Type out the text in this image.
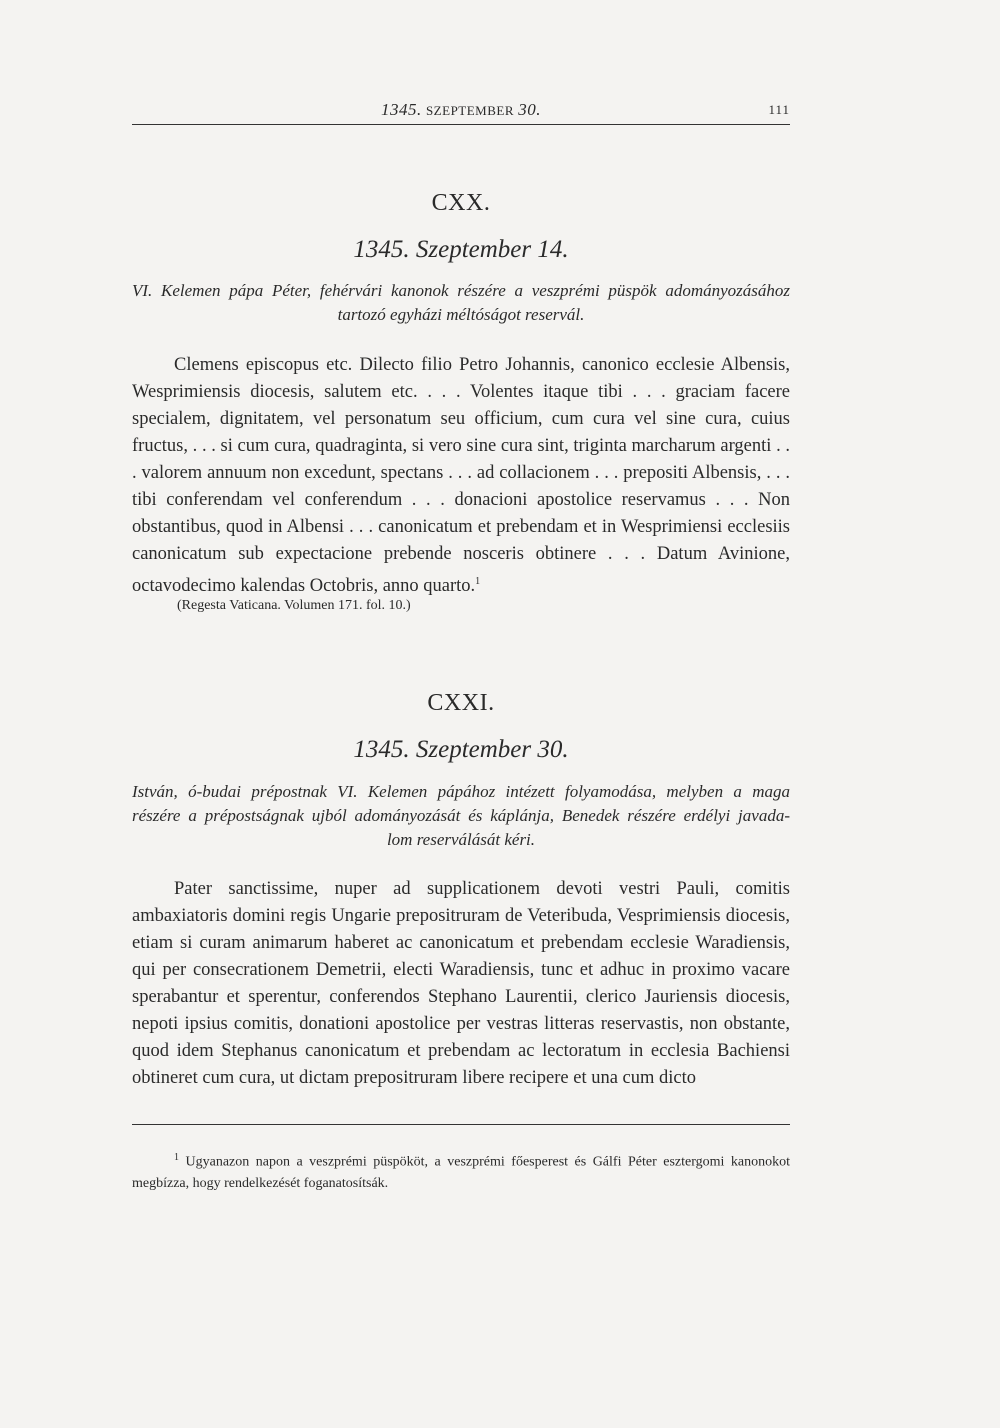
1345. SZEPTEMBER 30.	111
CXX.
1345. Szeptember 14.
VI. Kelemen pápa Péter, fehérvári kanonok részére a veszprémi püspök adományozásához
tartozó egyházi méltóságot reservál.

Clemens episcopus etc. Dilecto filio Petro Johannis, canonico ecclesie Albensis, Wesprimiensis diocesis, salutem etc. . . . Volentes itaque tibi . . . graciam facere specialem, dignitatem, vel personatum seu officium, cum cura vel sine cura, cuius fructus, . . . si cum cura, quadraginta, si vero sine cura sint, triginta marcharum argenti . . . valorem annuum non excedunt, spectans . . . ad collacionem . . . prepositi Albensis, . . . tibi conferendam vel conferendum . . . donacioni apostolice reservamus . . . Non obstantibus, quod in Albensi . . . canonicatum et prebendam et in Wesprimiensi ecclesiis canonicatum sub expectacione prebende nosceris obtinere . . . Datum Avinione, octavodecimo kalendas Octobris, anno quarto.$^1$

(Regesta Vaticana. Volumen 171. fol. 10.)
CXXI.
1345. Szeptember 30.
István, ó-budai prépostnak VI. Kelemen pápához intézett folyamodása, melyben a maga
részére a prépostságnak ujból adományozását és káplánja, Benedek részére erdélyi javada-
lom reserválását kéri.

Pater sanctissime, nuper ad supplicationem devoti vestri Pauli, comitis ambaxiatoris domini regis Ungarie prepositruram de Veteribuda, Vesprimiensis diocesis, etiam si curam animarum haberet ac canonicatum et prebendam ecclesie Waradiensis, qui per consecrationem Demetrii, electi Waradiensis, tunc et adhuc in proximo vacare sperabantur et sperentur, conferendos Stephano Laurentii, clerico Jauriensis diocesis, nepoti ipsius comitis, donationi apostolice per vestras litteras reservastis, non obstante, quod idem Stephanus canonicatum et prebendam ac lectoratum in ecclesia Bachiensi obtineret cum cura, ut dictam prepositruram libere recipere et una cum dicto

$^1$ Ugyanazon napon a veszprémi püspököt, a veszprémi főesperest és Gálfi Péter esztergomi kanonokot megbízza, hogy rendelkezését foganatosítsák.
